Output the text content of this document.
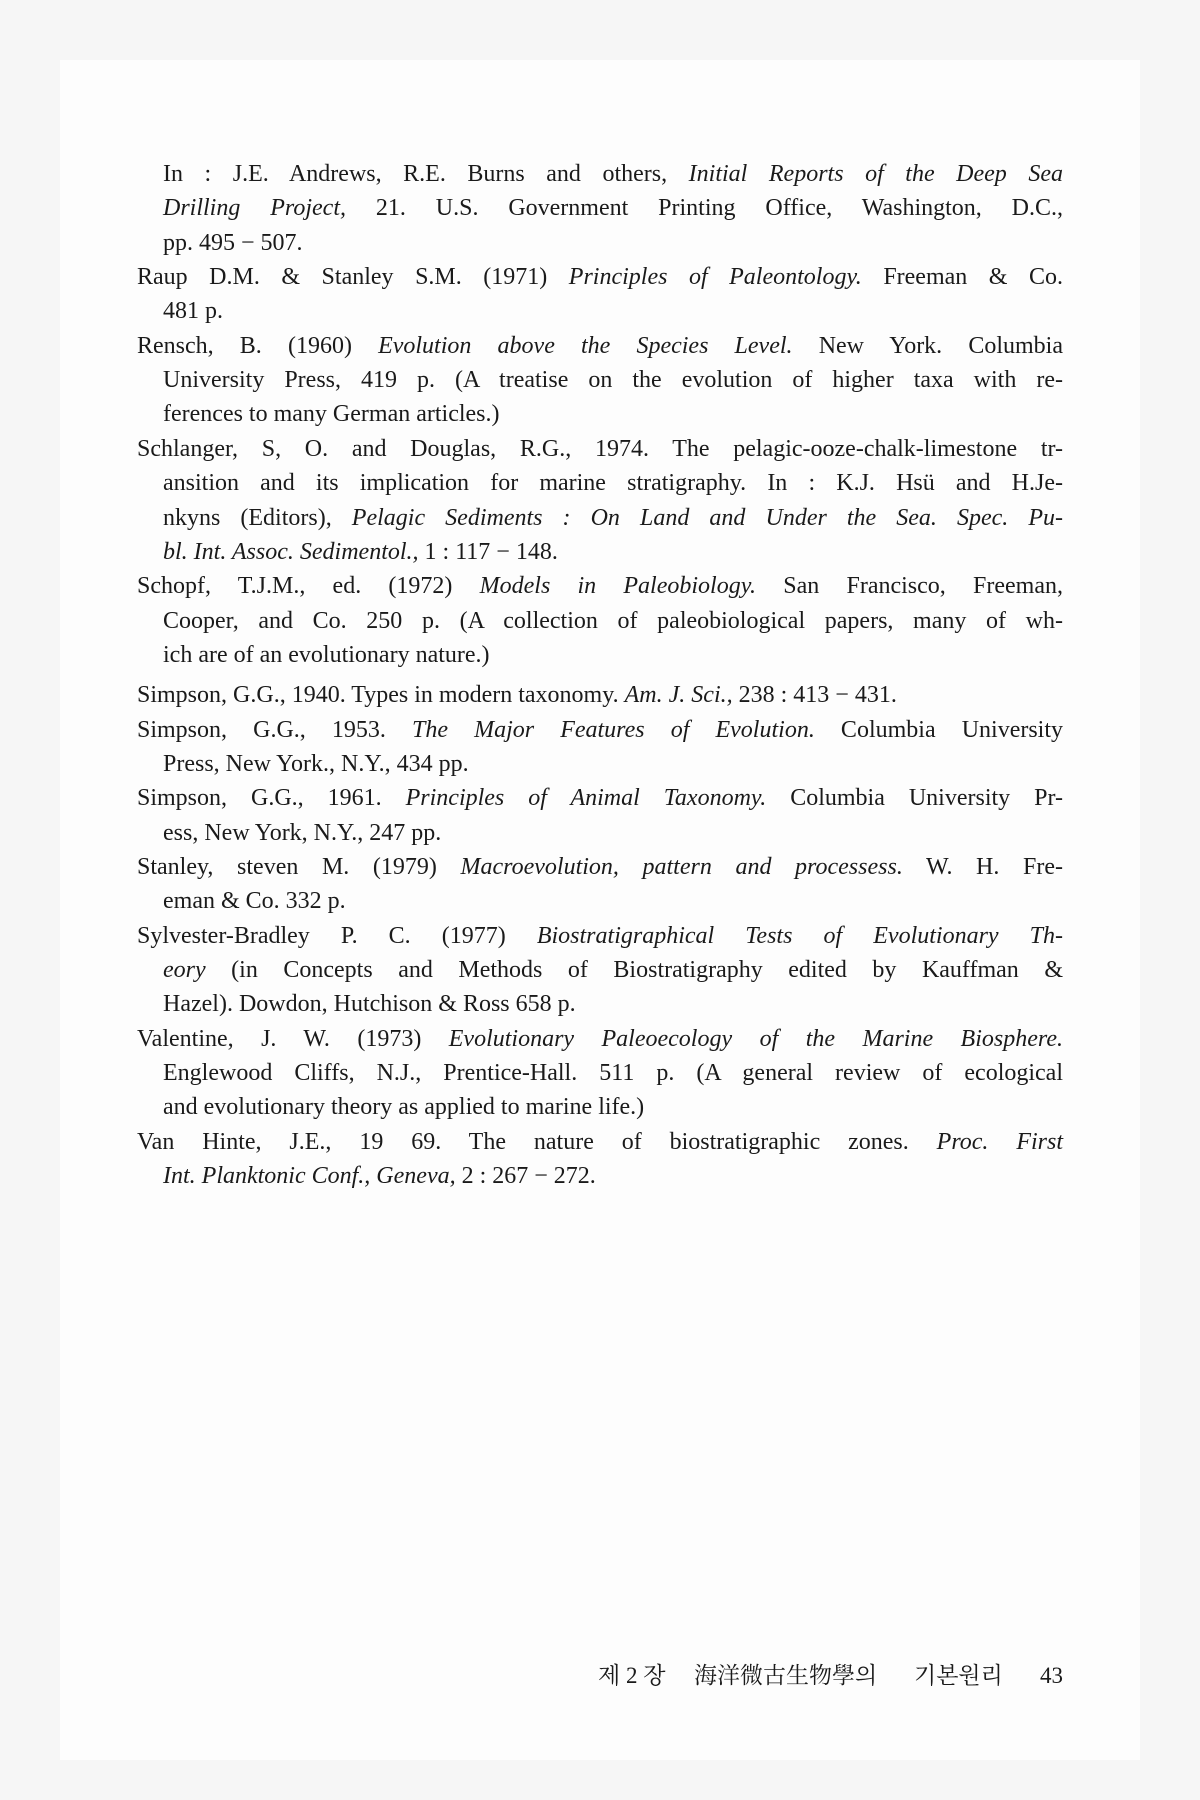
In : J.E. Andrews, R.E. Burns and others, Initial Reports of the Deep Sea
Drilling Project, 21. U.S. Government Printing Office, Washington, D.C.,
pp. 495 − 507.
Raup D.M. & Stanley S.M. (1971) Principles of Paleontology. Freeman & Co.
481 p.
Rensch, B. (1960) Evolution above the Species Level. New York. Columbia
University Press, 419 p. (A treatise on the evolution of higher taxa with re-
ferences to many German articles.)
Schlanger, S, O. and Douglas, R.G., 1974. The pelagic-ooze-chalk-limestone tr-
ansition and its implication for marine stratigraphy. In : K.J. Hsü and H.Je-
nkyns (Editors), Pelagic Sediments : On Land and Under the Sea. Spec. Pu-
bl. Int. Assoc. Sedimentol., 1 : 117 − 148.
Schopf, T.J.M., ed. (1972) Models in Paleobiology. San Francisco, Freeman,
Cooper, and Co. 250 p. (A collection of paleobiological papers, many of wh-
ich are of an evolutionary nature.)
Simpson, G.G., 1940. Types in modern taxonomy. Am. J. Sci., 238 : 413 − 431.
Simpson, G.G., 1953. The Major Features of Evolution. Columbia University
Press, New York., N.Y., 434 pp.
Simpson, G.G., 1961. Principles of Animal Taxonomy. Columbia University Pr-
ess, New York, N.Y., 247 pp.
Stanley, steven M. (1979) Macroevolution, pattern and processess. W. H. Fre-
eman & Co. 332 p.
Sylvester-Bradley P. C. (1977) Biostratigraphical Tests of Evolutionary Th-
eory (in Concepts and Methods of Biostratigraphy edited by Kauffman &
Hazel). Dowdon, Hutchison & Ross 658 p.
Valentine, J. W. (1973) Evolutionary Paleoecology of the Marine Biosphere.
Englewood Cliffs, N.J., Prentice-Hall. 511 p. (A general review of ecological
and evolutionary theory as applied to marine life.)
Van Hinte, J.E., 19 69. The nature of biostratigraphic zones. Proc. First
Int. Planktonic Conf., Geneva, 2 : 267 − 272.
제 2 장 海洋微古生物學의 기본원리 43
